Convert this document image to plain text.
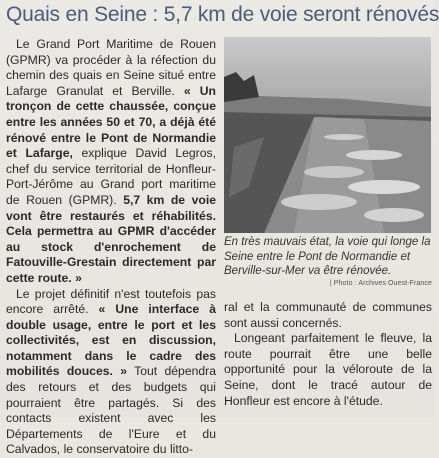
Quais en Seine : 5,7 km de voie seront rénovés

Le Grand Port Maritime de Rouen (GPMR) va procéder à la réfection du chemin des quais en Seine situé entre Lafarge Granulat et Berville. « Un tronçon de cette chaussée, conçue entre les années 50 et 70, a déjà été rénové entre le Pont de Normandie et Lafarge, explique David Legros, chef du service territorial de Honfleur-Port-Jérôme au Grand port maritime de Rouen (GPMR). 5,7 km de voie vont être restaurés et réhabilités. Cela permettra au GPMR d'accéder au stock d'enrochement de Fatouville-Grestain directement par cette route. »

Le projet définitif n'est toutefois pas encore arrêté. « Une interface à double usage, entre le port et les collectivités, est en discussion, notamment dans le cadre des mobilités douces. » Tout dépendra des retours et des budgets qui pourraient être partagés. Si des contacts existent avec les Départements de l'Eure et du Calvados, le conservatoire du litto-

En très mauvais état, la voie qui longe la Seine entre le Pont de Normandie et Berville-sur-Mer va être rénovée.
| Photo : Archives Ouest-France

ral et la communauté de communes sont aussi concernés.

Longeant parfaitement le fleuve, la route pourrait être une belle opportunité pour la véloroute de la Seine, dont le tracé autour de Honfleur est encore à l'étude.
